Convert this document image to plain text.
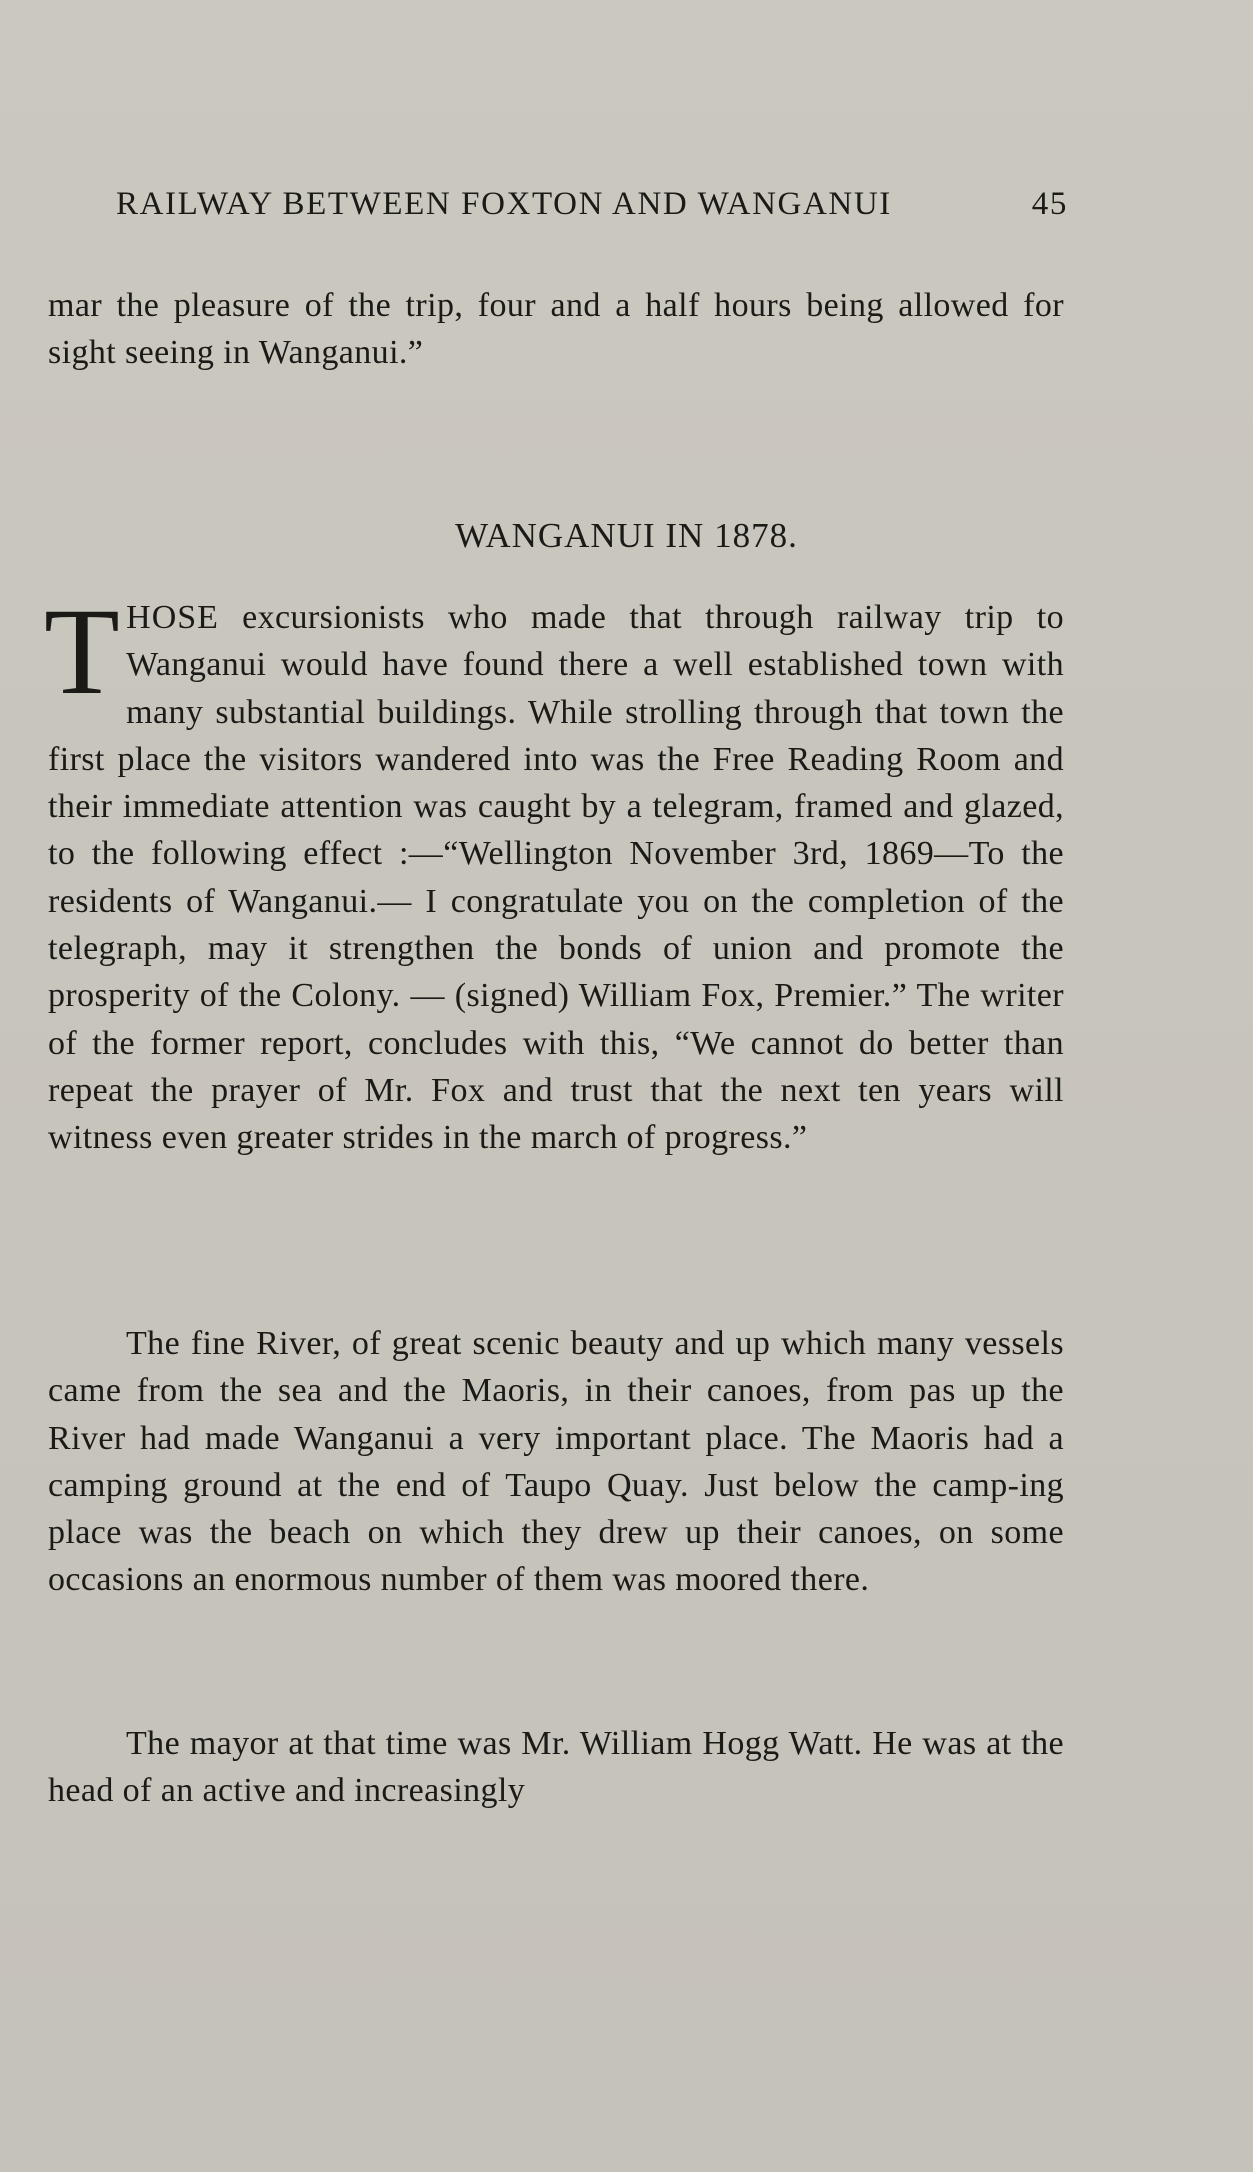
RAILWAY BETWEEN FOXTON AND WANGANUI	45

mar the pleasure of the trip, four and a half hours being allowed for sight seeing in Wanganui.”

WANGANUI IN 1878.

THOSE excursionists who made that through railway trip to Wanganui would have found there a well established town with many substantial buildings. While strolling through that town the first place the visitors wandered into was the Free Reading Room and their immediate attention was caught by a telegram, framed and glazed, to the following effect :—“Wellington November 3rd, 1869—To the residents of Wanganui.— I congratulate you on the completion of the telegraph, may it strengthen the bonds of union and promote the prosperity of the Colony. — (signed) William Fox, Premier.” The writer of the former report, concludes with this, “We cannot do better than repeat the prayer of Mr. Fox and trust that the next ten years will witness even greater strides in the march of progress.”

The fine River, of great scenic beauty and up which many vessels came from the sea and the Maoris, in their canoes, from pas up the River had made Wanganui a very important place. The Maoris had a camping ground at the end of Taupo Quay. Just below the camp-ing place was the beach on which they drew up their canoes, on some occasions an enormous number of them was moored there.

The mayor at that time was Mr. William Hogg Watt. He was at the head of an active and increasingly
